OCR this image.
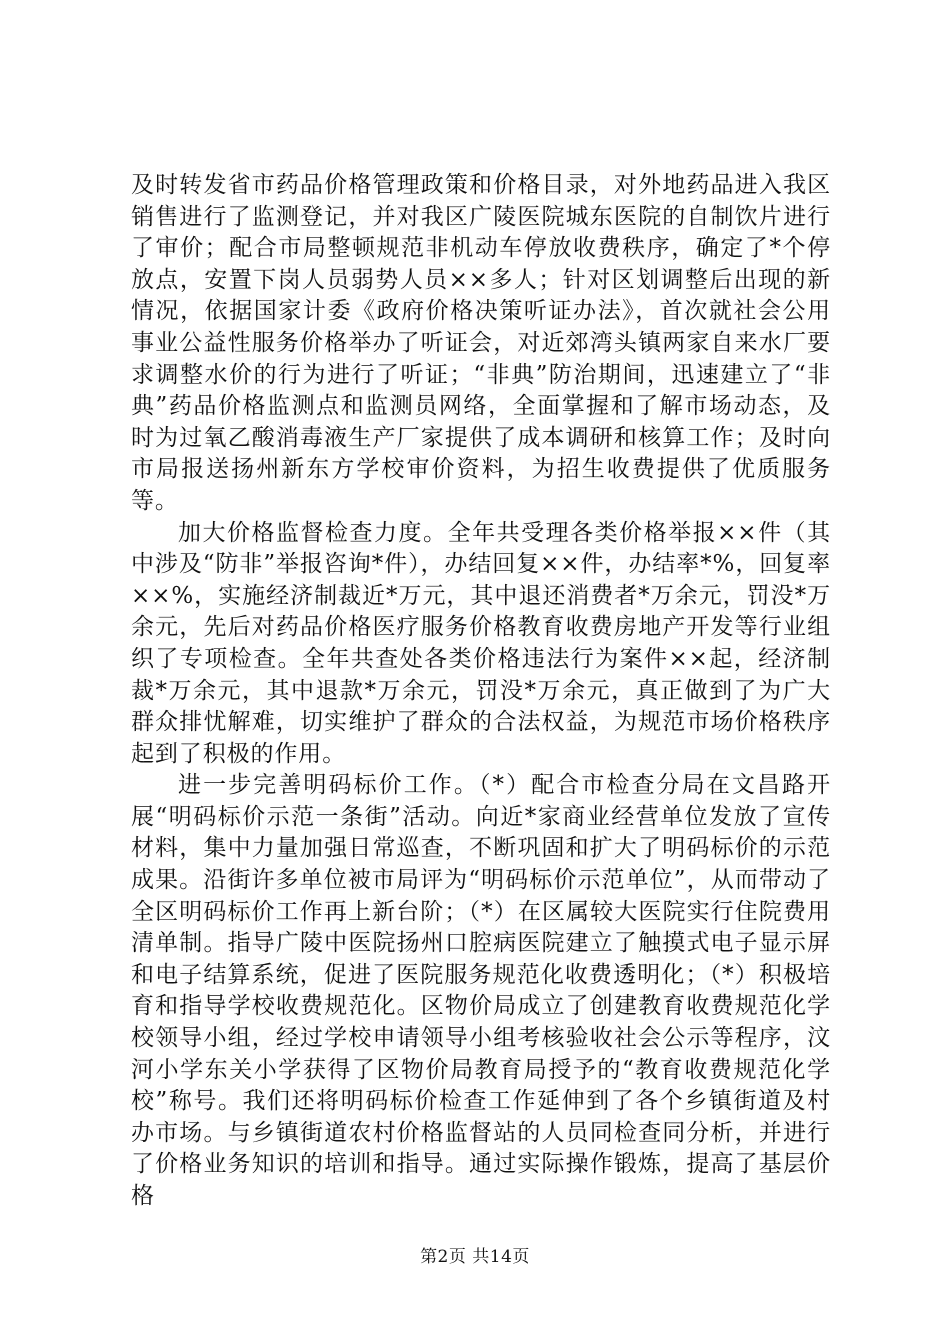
及时转发省市药品价格管理政策和价格目录，对外地药品进入我区销售进行了监测登记，并对我区广陵医院城东医院的自制饮片进行了审价；配合市局整顿规范非机动车停放收费秩序，确定了*个停放点，安置下岗人员弱势人员××多人；针对区划调整后出现的新情况，依据国家计委《政府价格决策听证办法》，首次就社会公用事业公益性服务价格举办了听证会，对近郊湾头镇两家自来水厂要求调整水价的行为进行了听证；“非典”防治期间，迅速建立了“非典”药品价格监测点和监测员网络，全面掌握和了解市场动态，及时为过氧乙酸消毒液生产厂家提供了成本调研和核算工作；及时向市局报送扬州新东方学校审价资料，为招生收费提供了优质服务等。

加大价格监督检查力度。全年共受理各类价格举报××件（其中涉及“防非”举报咨询*件），办结回复××件，办结率*%，回复率××%，实施经济制裁近*万元，其中退还消费者*万余元，罚没*万余元，先后对药品价格医疗服务价格教育收费房地产开发等行业组织了专项检查。全年共查处各类价格违法行为案件××起，经济制裁*万余元，其中退款*万余元，罚没*万余元，真正做到了为广大群众排忧解难，切实维护了群众的合法权益，为规范市场价格秩序起到了积极的作用。

进一步完善明码标价工作。（*）配合市检查分局在文昌路开展“明码标价示范一条街”活动。向近*家商业经营单位发放了宣传材料，集中力量加强日常巡查，不断巩固和扩大了明码标价的示范成果。沿街许多单位被市局评为“明码标价示范单位”，从而带动了全区明码标价工作再上新台阶；（*）在区属较大医院实行住院费用清单制。指导广陵中医院扬州口腔病医院建立了触摸式电子显示屏和电子结算系统，促进了医院服务规范化收费透明化；（*）积极培育和指导学校收费规范化。区物价局成立了创建教育收费规范化学校领导小组，经过学校申请领导小组考核验收社会公示等程序，汶河小学东关小学获得了区物价局教育局授予的“教育收费规范化学校”称号。我们还将明码标价检查工作延伸到了各个乡镇街道及村办市场。与乡镇街道农村价格监督站的人员同检查同分析，并进行了价格业务知识的培训和指导。通过实际操作锻炼，提高了基层价格

第2页 共14页
